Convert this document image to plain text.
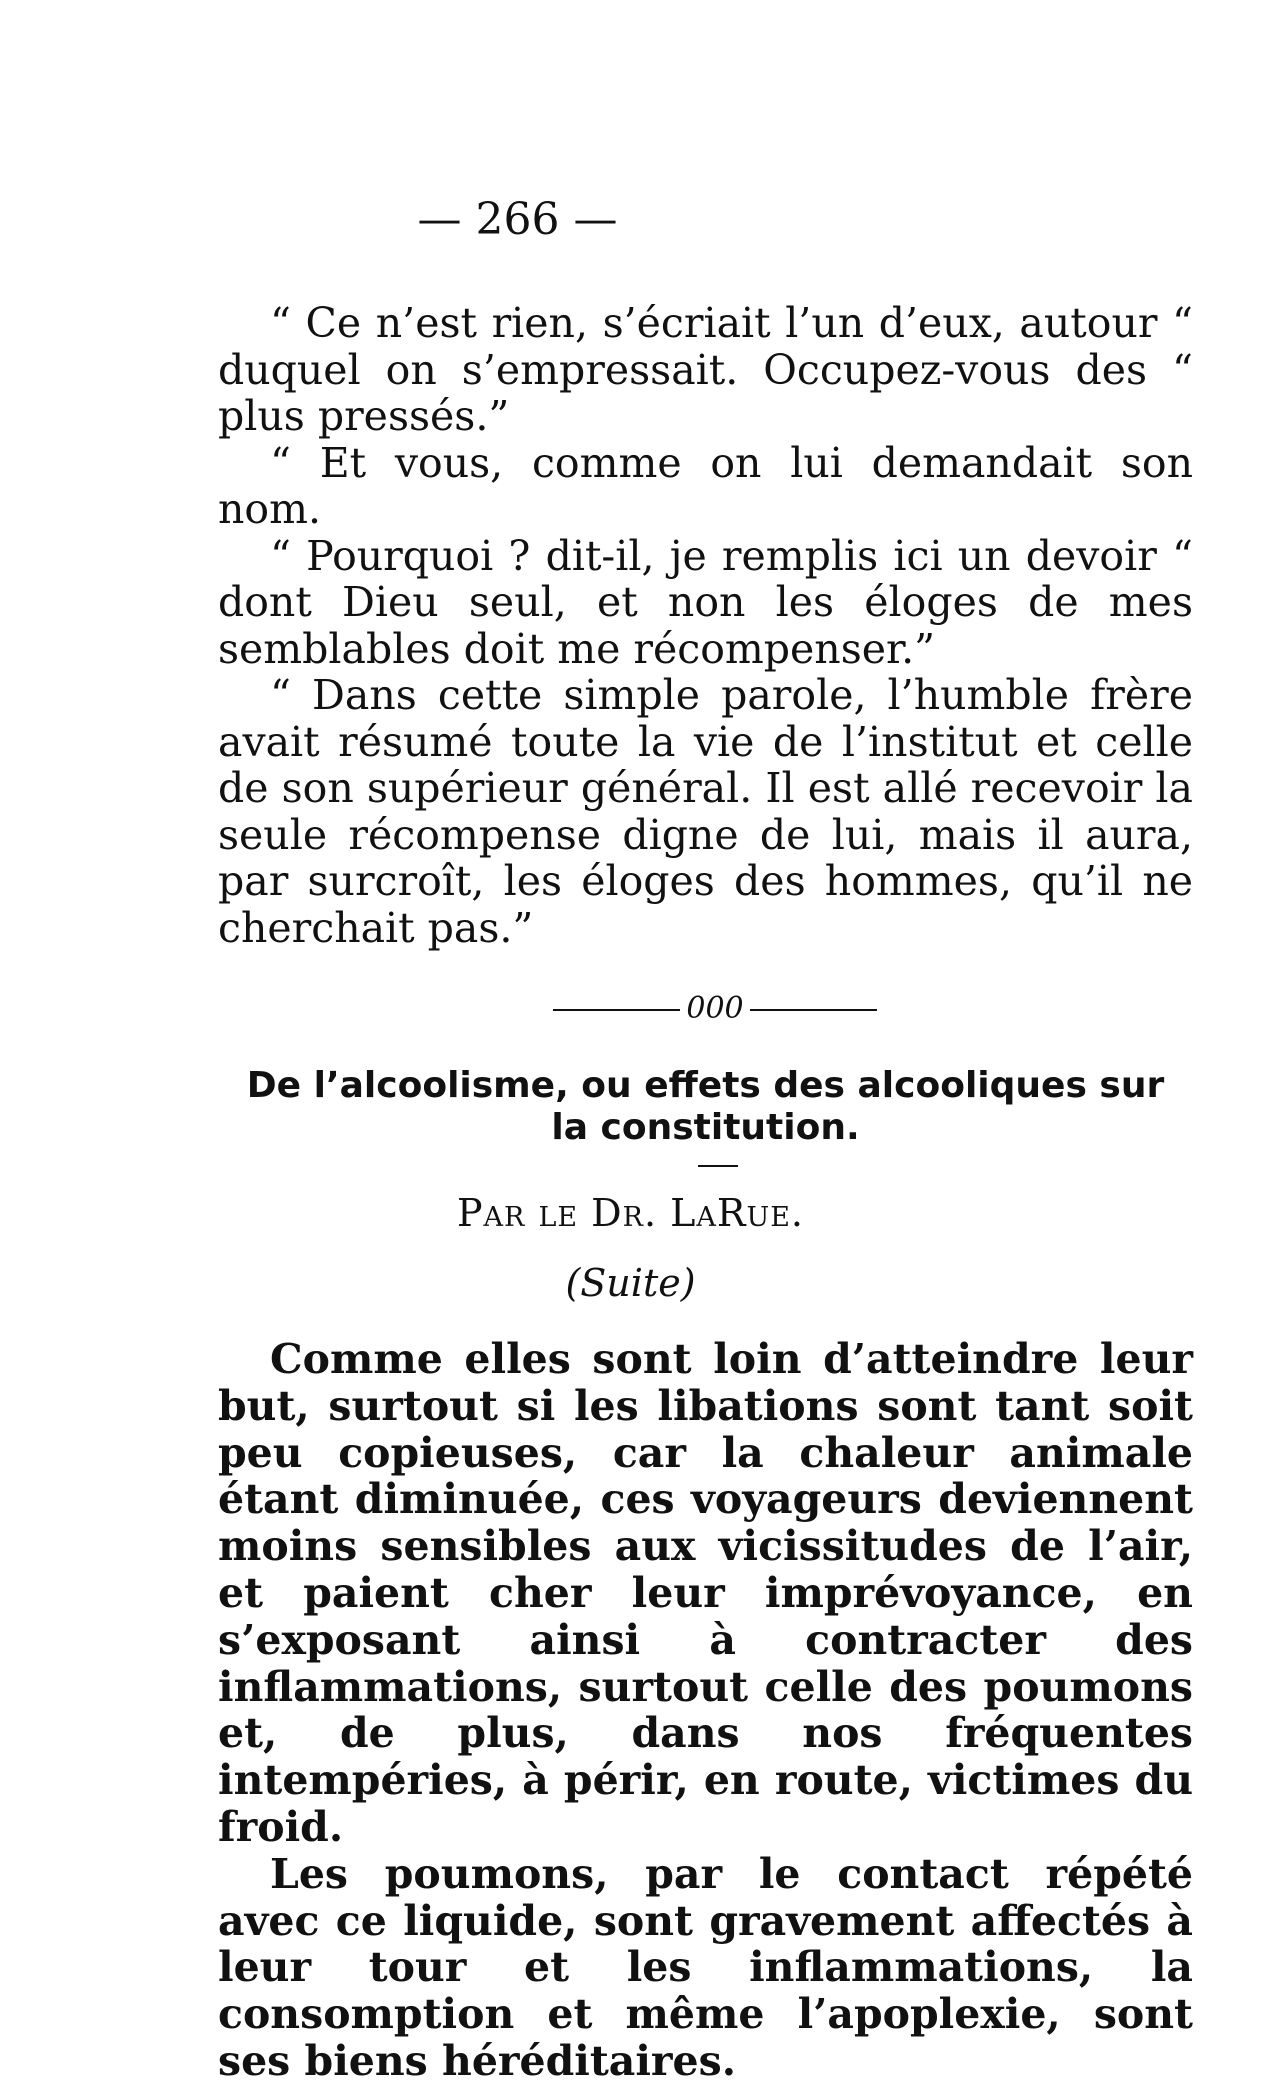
— 266 —

“ Ce n’est rien, s’écriait l’un d’eux, autour “ duquel on s’empressait. Occupez-vous des “ plus pressés.”

“ Et vous, comme on lui demandait son nom.

“ Pourquoi ? dit-il, je remplis ici un devoir “ dont Dieu seul, et non les éloges de mes semblables doit me récompenser.”

“ Dans cette simple parole, l’humble frère avait résumé toute la vie de l’institut et celle de son supérieur général. Il est allé recevoir la seule récompense digne de lui, mais il aura, par surcroît, les éloges des hommes, qu’il ne cherchait pas.”

000
De l’alcoolisme, ou effets des alcooliques sur
la constitution.
Par le Dr. LaRue.
(Suite)

Comme elles sont loin d’atteindre leur but, surtout si les libations sont tant soit peu copieuses, car la chaleur animale étant diminuée, ces voyageurs deviennent moins sensibles aux vicissitudes de l’air, et paient cher leur imprévoyance, en s’exposant ainsi à contracter des inflammations, surtout celle des poumons et, de plus, dans nos fréquentes intempéries, à périr, en route, victimes du froid.

Les poumons, par le contact répété avec ce liquide, sont gravement affectés à leur tour et les inflammations, la consomption et même l’apoplexie, sont ses biens héréditaires.
